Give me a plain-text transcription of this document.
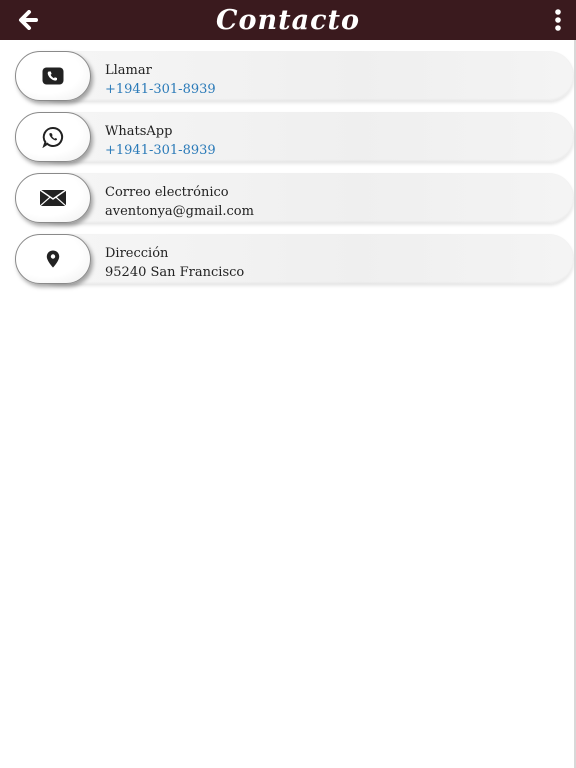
Contacto
Llamar
+1941-301-8939
WhatsApp
+1941-301-8939
Correo electrónico
aventonya@gmail.com
Dirección
95240 San Francisco
